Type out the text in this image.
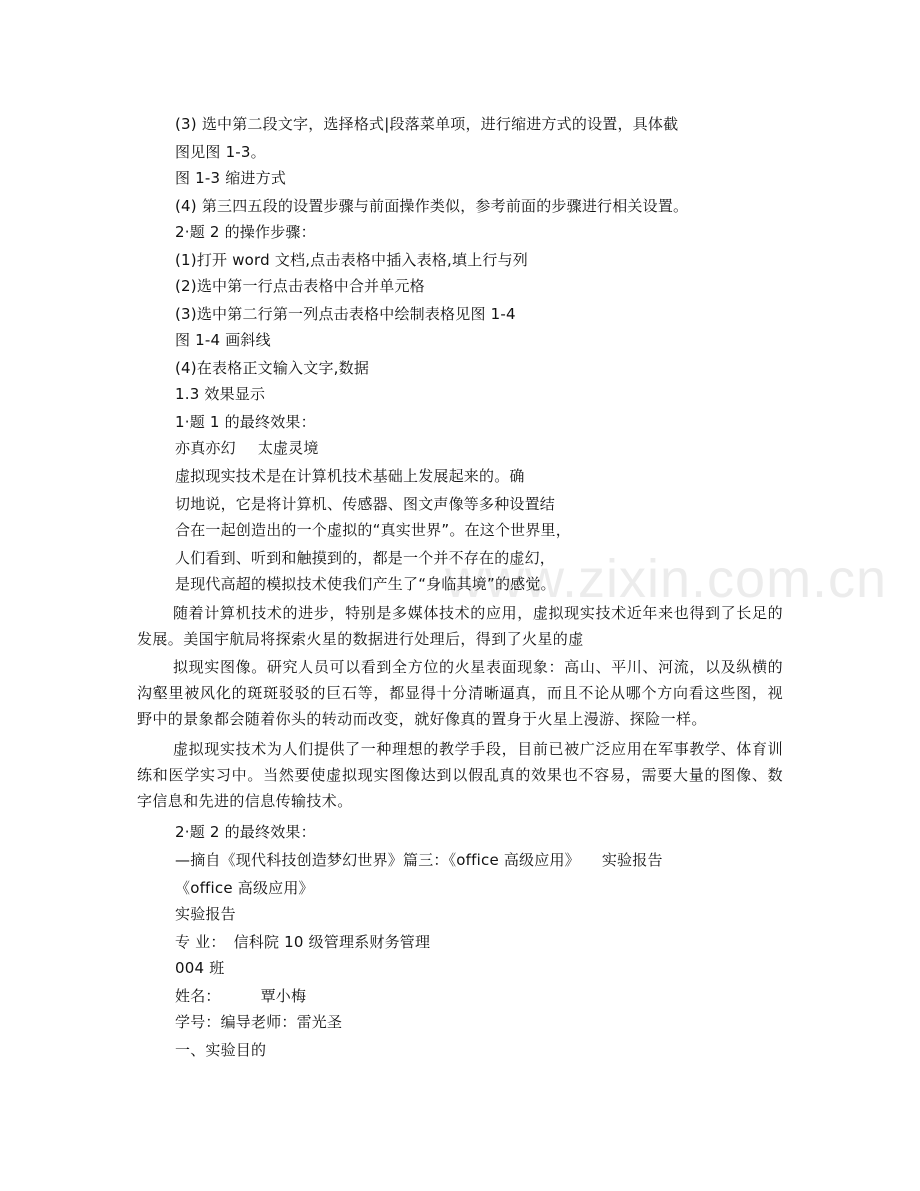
www.zixin.com.cn
(3) 选中第二段文字，选择格式|段落菜单项，进行缩进方式的设置，具体截
图见图 1-3。
图 1-3 缩进方式
(4) 第三四五段的设置步骤与前面操作类似，参考前面的步骤进行相关设置。
2·题 2 的操作步骤：
(1)打开 word 文档,点击表格中插入表格,填上行与列
(2)选中第一行点击表格中合并单元格
(3)选中第二行第一列点击表格中绘制表格见图 1-4
图 1-4 画斜线
(4)在表格正文输入文字,数据
1.3 效果显示
1·题 1 的最终效果：
亦真亦幻 太虚灵境
虚拟现实技术是在计算机技术基础上发展起来的。确
切地说，它是将计算机、传感器、图文声像等多种设置结
合在一起创造出的一个虚拟的“真实世界”。在这个世界里，
人们看到、听到和触摸到的，都是一个并不存在的虚幻，
是现代高超的模拟技术使我们产生了“身临其境”的感觉。
随着计算机技术的进步，特别是多媒体技术的应用，虚拟现实技术近年来也得到了长足的发展。美国宇航局将探索火星的数据进行处理后，得到了火星的虚
拟现实图像。研究人员可以看到全方位的火星表面现象：高山、平川、河流，以及纵横的沟壑里被风化的斑斑驳驳的巨石等，都显得十分清晰逼真，而且不论从哪个方向看这些图，视野中的景象都会随着你头的转动而改变，就好像真的置身于火星上漫游、探险一样。
虚拟现实技术为人们提供了一种理想的教学手段，目前已被广泛应用在军事教学、体育训练和医学实习中。当然要使虚拟现实图像达到以假乱真的效果也不容易，需要大量的图像、数字信息和先进的信息传输技术。
2·题 2 的最终效果：
—摘自《现代科技创造梦幻世界》篇三：《office 高级应用》 实验报告
《office 高级应用》
实验报告
专 业： 信科院 10 级管理系财务管理
004 班
姓名：	覃小梅
学号：编导老师：雷光圣
一、实验目的
